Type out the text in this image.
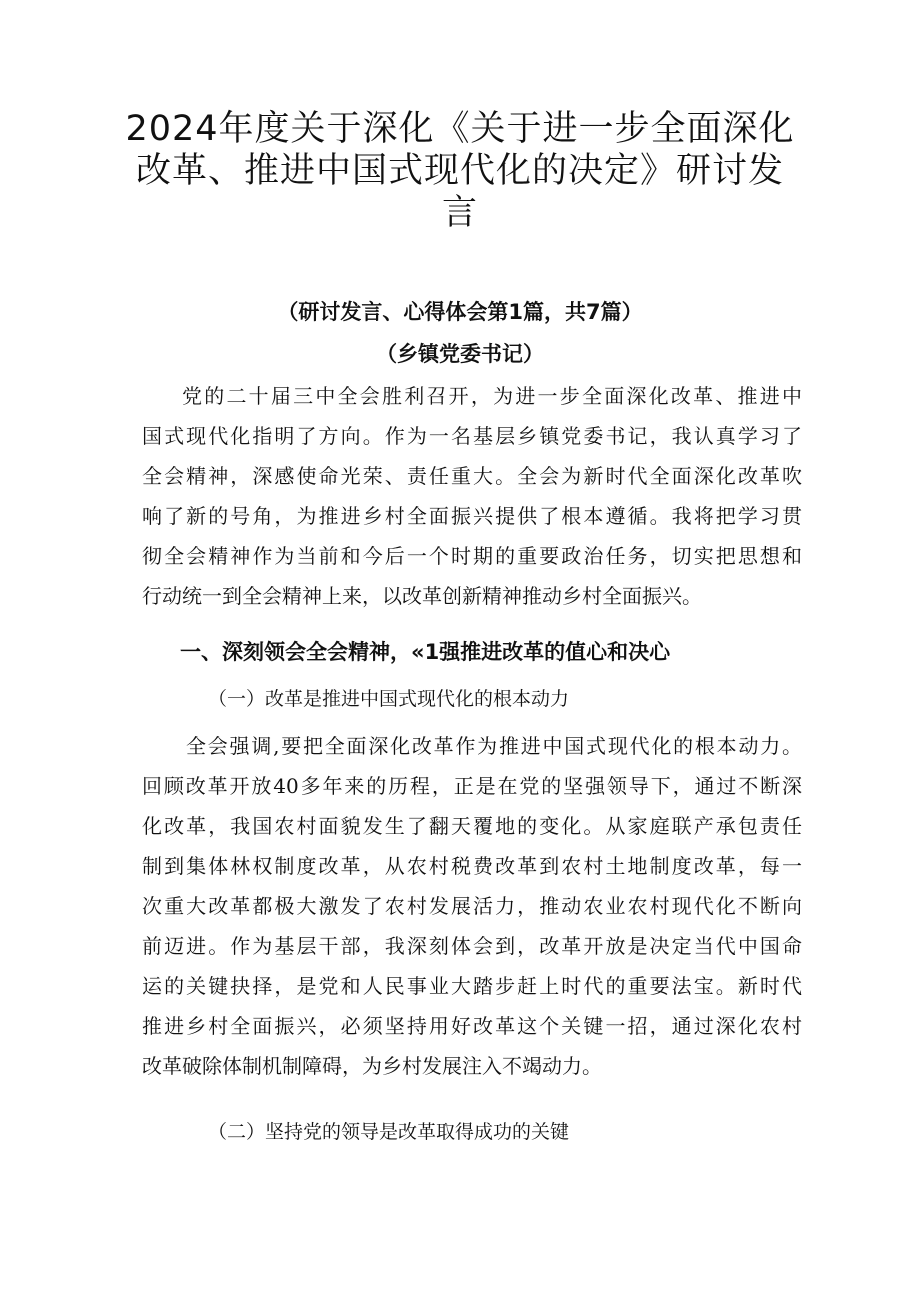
2024年度关于深化《关于进一步全面深化
改革、推进中国式现代化的决定》研讨发
言
（研讨发言、心得体会第1篇，共7篇）
（乡镇党委书记）
党的二十届三中全会胜利召开，为进一步全面深化改革、推进中
国式现代化指明了方向。作为一名基层乡镇党委书记，我认真学习了
全会精神，深感使命光荣、责任重大。全会为新时代全面深化改革吹
响了新的号角，为推进乡村全面振兴提供了根本遵循。我将把学习贯
彻全会精神作为当前和今后一个时期的重要政治任务，切实把思想和
行动统一到全会精神上来，以改革创新精神推动乡村全面振兴。
一、深刻领会全会精神，«1强推进改革的值心和决心
（一）改革是推进中国式现代化的根本动力
全会强调,要把全面深化改革作为推进中国式现代化的根本动力。
回顾改革开放40多年来的历程，正是在党的坚强领导下，通过不断深
化改革，我国农村面貌发生了翻天覆地的变化。从家庭联产承包责任
制到集体林权制度改革，从农村税费改革到农村土地制度改革，每一
次重大改革都极大激发了农村发展活力，推动农业农村现代化不断向
前迈进。作为基层干部，我深刻体会到，改革开放是决定当代中国命
运的关键抉择，是党和人民事业大踏步赶上时代的重要法宝。新时代
推进乡村全面振兴，必须坚持用好改革这个关键一招，通过深化农村
改革破除体制机制障碍，为乡村发展注入不竭动力。
（二）坚持党的领导是改革取得成功的关键
